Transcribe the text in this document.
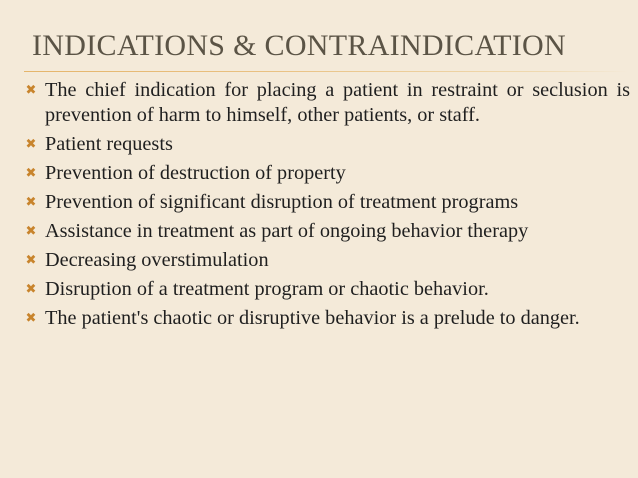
INDICATIONS & CONTRAINDICATION
✖ The chief indication for placing a patient in restraint or seclusion is prevention of harm to himself, other patients, or staff.
✖ Patient requests
✖ Prevention of destruction of property
✖ Prevention of significant disruption of treatment programs
✖ Assistance in treatment as part of ongoing behavior therapy
✖ Decreasing overstimulation
✖ Disruption of a treatment program or chaotic behavior.
✖ The patient's chaotic or disruptive behavior is a prelude to danger.
